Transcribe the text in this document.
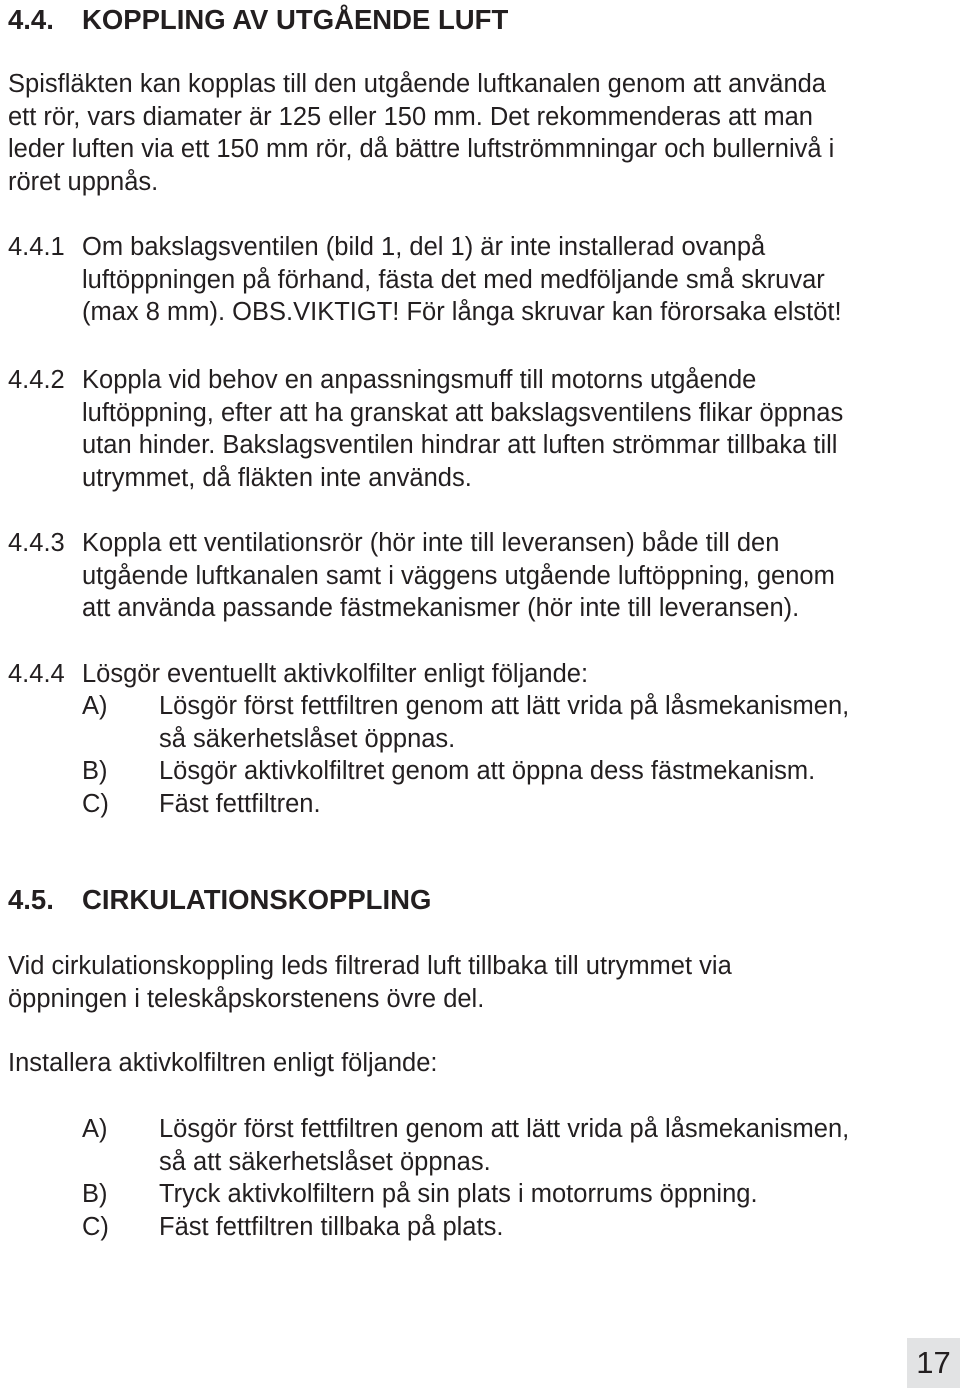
4.4. KOPPLING AV UTGÅENDE LUFT
Spisfläkten kan kopplas till den utgående luftkanalen genom att använda
ett rör, vars diamater är 125 eller 150 mm. Det rekommenderas att man
leder luften via ett 150 mm rör, då bättre luftströmmningar och bullernivå i
röret uppnås.
4.4.1 Om bakslagsventilen (bild 1, del 1) är inte installerad ovanpå
luftöppningen på förhand, fästa det med medföljande små skruvar
(max 8 mm). OBS.VIKTIGT! För långa skruvar kan förorsaka elstöt!
4.4.2 Koppla vid behov en anpassningsmuff till motorns utgående
luftöppning, efter att ha granskat att bakslagsventilens flikar öppnas
utan hinder. Bakslagsventilen hindrar att luften strömmar tillbaka till
utrymmet, då fläkten inte används.
4.4.3 Koppla ett ventilationsrör (hör inte till leveransen) både till den
utgående luftkanalen samt i väggens utgående luftöppning, genom
att använda passande fästmekanismer (hör inte till leveransen).
4.4.4 Lösgör eventuellt aktivkolfilter enligt följande:
A) Lösgör först fettfiltren genom att lätt vrida på låsmekanismen,
så säkerhetslåset öppnas.
B) Lösgör aktivkolfiltret genom att öppna dess fästmekanism.
C) Fäst fettfiltren.
4.5. CIRKULATIONSKOPPLING
Vid cirkulationskoppling leds filtrerad luft tillbaka till utrymmet via
öppningen i teleskåpskorstenens övre del.
Installera aktivkolfiltren enligt följande:
A) Lösgör först fettfiltren genom att lätt vrida på låsmekanismen,
så att säkerhetslåset öppnas.
B) Tryck aktivkolfiltern på sin plats i motorrums öppning.
C) Fäst fettfiltren tillbaka på plats.
17
